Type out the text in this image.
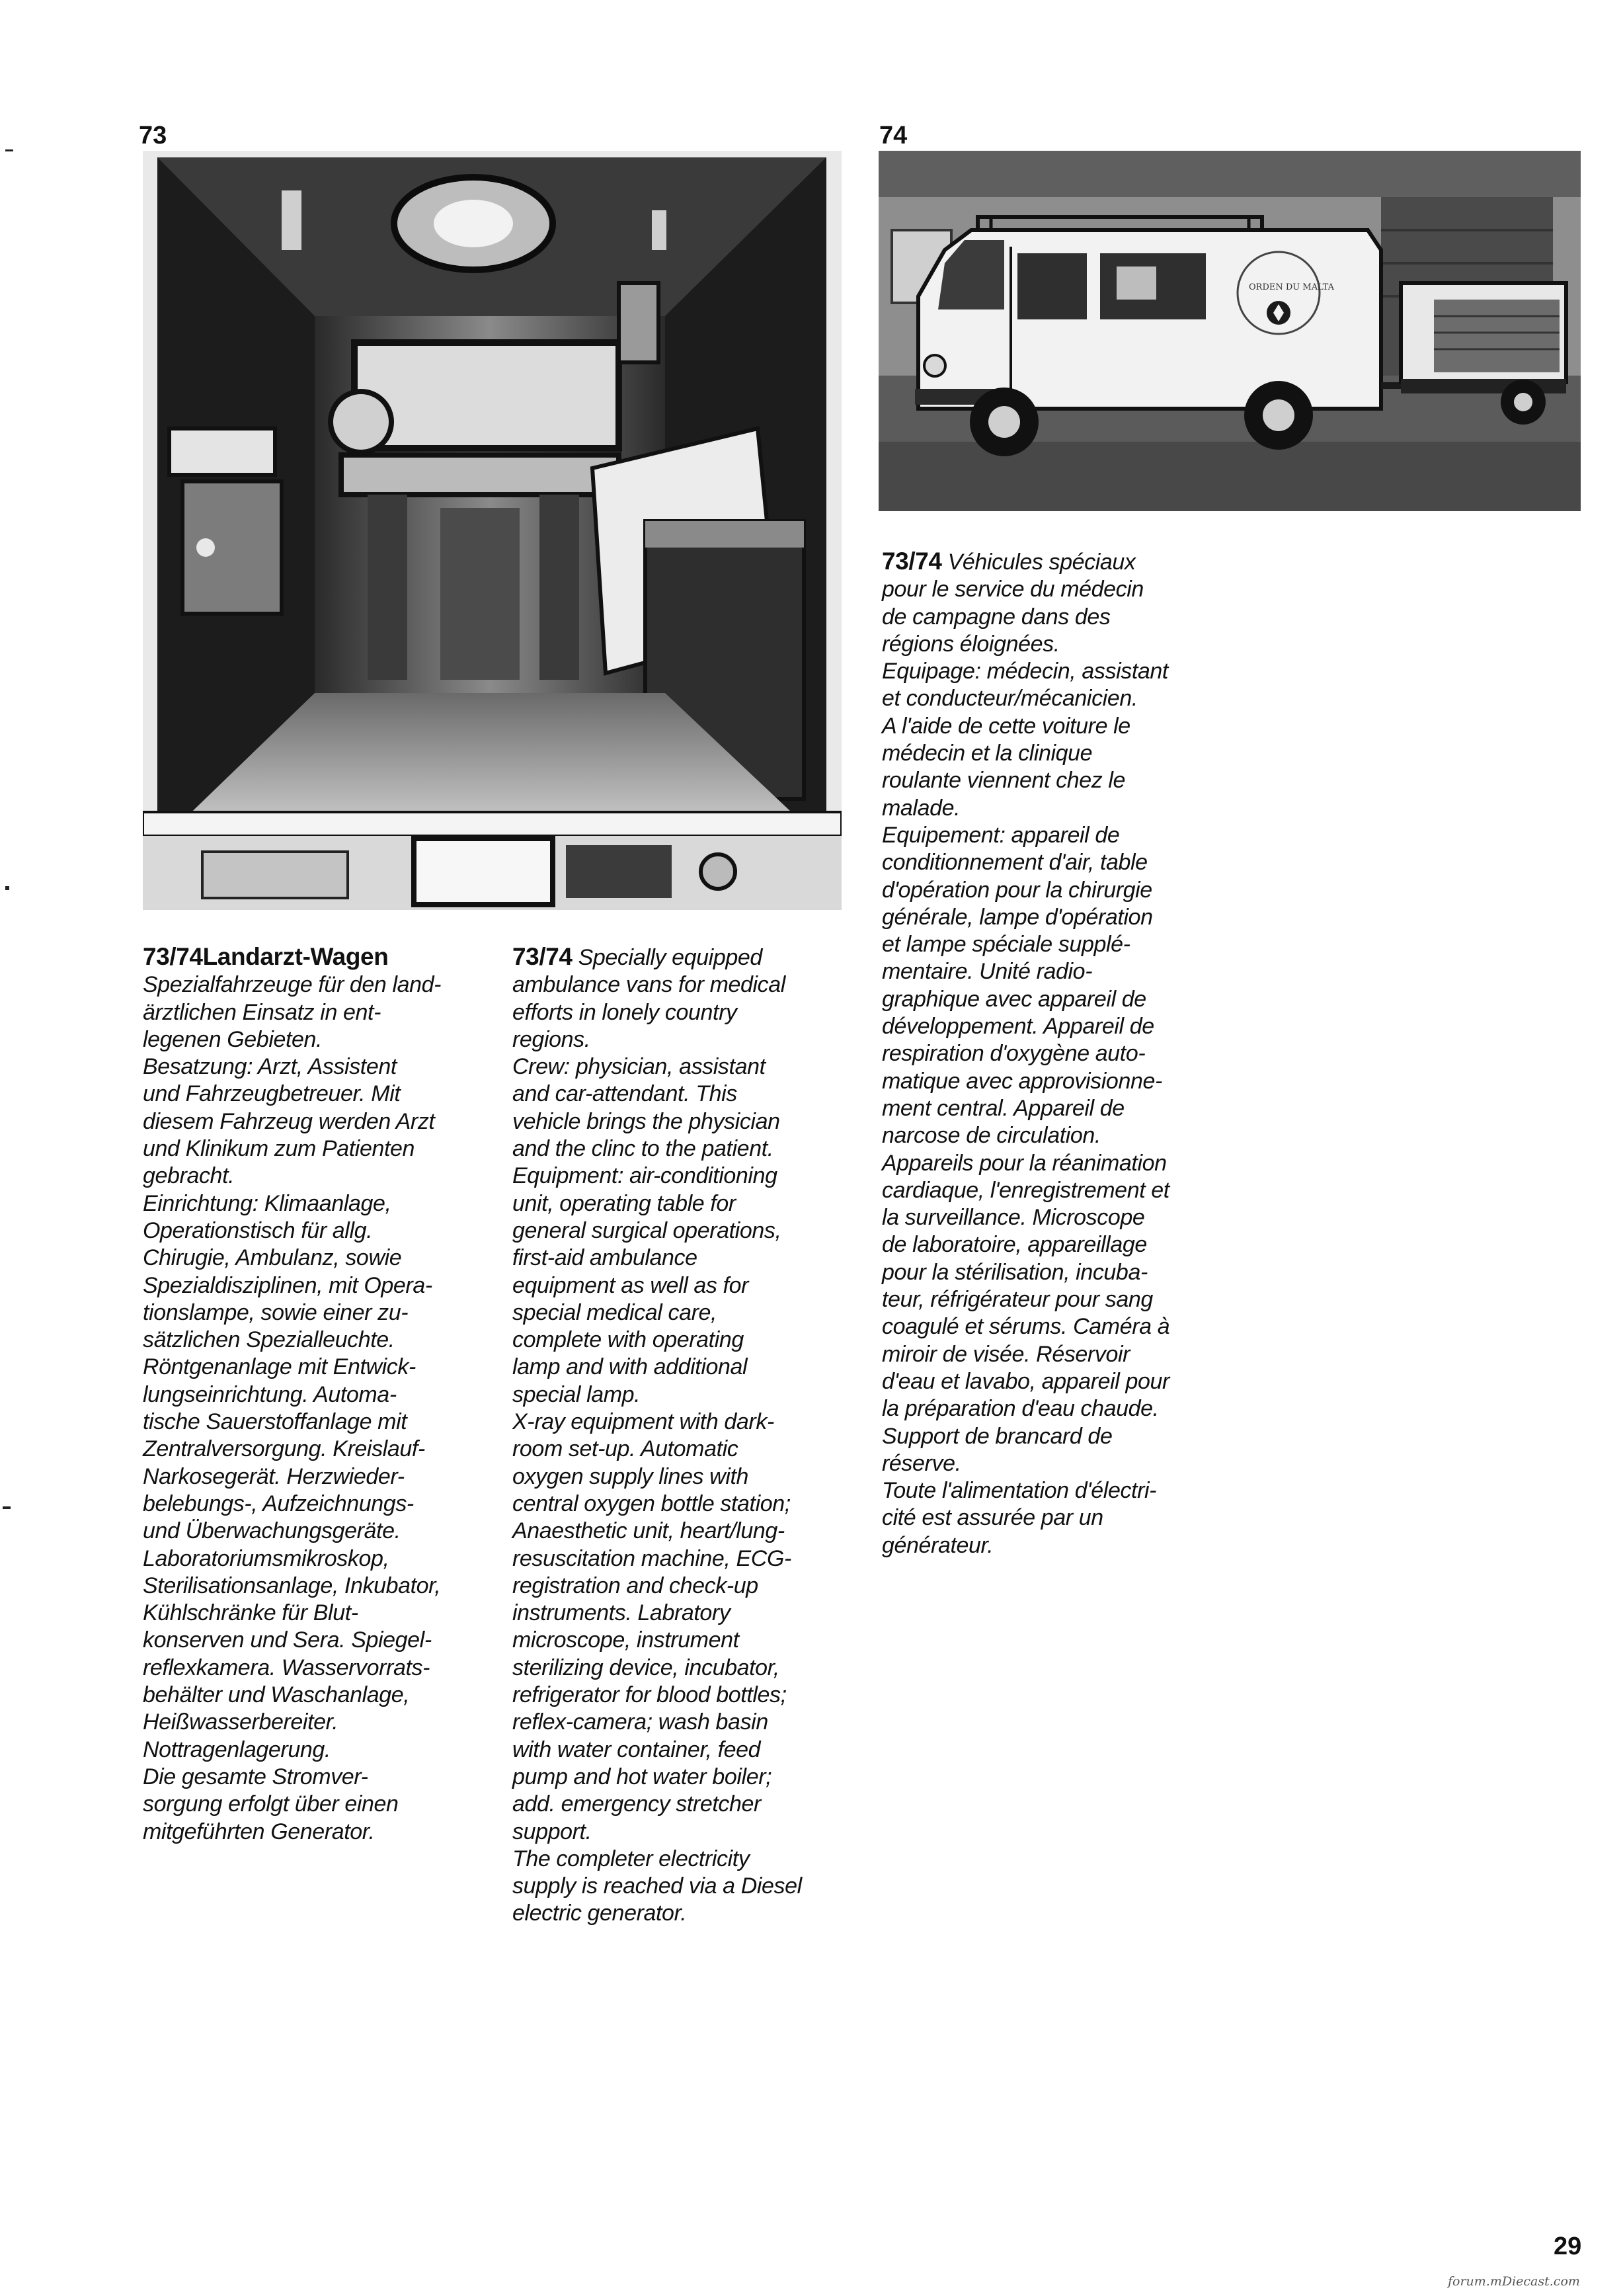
73	74
ORDEN DU MALTA
73/74Landarzt-Wagen
Spezialfahrzeuge für den land-
ärztlichen Einsatz in ent-
legenen Gebieten.
Besatzung: Arzt, Assistent
und Fahrzeugbetreuer. Mit
diesem Fahrzeug werden Arzt
und Klinikum zum Patienten
gebracht.
Einrichtung: Klimaanlage,
Operationstisch für allg.
Chirugie, Ambulanz, sowie
Spezialdisziplinen, mit Opera-
tionslampe, sowie einer zu-
sätzlichen Spezialleuchte.
Röntgenanlage mit Entwick-
lungseinrichtung. Automa-
tische Sauerstoffanlage mit
Zentralversorgung. Kreislauf-
Narkosegerät. Herzwieder-
belebungs-, Aufzeichnungs-
und Überwachungsgeräte.
Laboratoriumsmikroskop,
Sterilisationsanlage, Inkubator,
Kühlschränke für Blut-
konserven und Sera. Spiegel-
reflexkamera. Wasservorrats-
behälter und Waschanlage,
Heißwasserbereiter.
Nottragenlagerung.
Die gesamte Stromver-
sorgung erfolgt über einen
mitgeführten Generator.
73/74 Specially equipped
ambulance vans for medical
efforts in lonely country
regions.
Crew: physician, assistant
and car-attendant. This
vehicle brings the physician
and the clinc to the patient.
Equipment: air-conditioning
unit, operating table for
general surgical operations,
first-aid ambulance
equipment as well as for
special medical care,
complete with operating
lamp and with additional
special lamp.
X-ray equipment with dark-
room set-up. Automatic
oxygen supply lines with
central oxygen bottle station;
Anaesthetic unit, heart/lung-
resuscitation machine, ECG-
registration and check-up
instruments. Labratory
microscope, instrument
sterilizing device, incubator,
refrigerator for blood bottles;
reflex-camera; wash basin
with water container, feed
pump and hot water boiler;
add. emergency stretcher
support.
The completer electricity
supply is reached via a Diesel
electric generator.
73/74 Véhicules spéciaux
pour le service du médecin
de campagne dans des
régions éloignées.
Equipage: médecin, assistant
et conducteur/mécanicien.
A l'aide de cette voiture le
médecin et la clinique
roulante viennent chez le
malade.
Equipement: appareil de
conditionnement d'air, table
d'opération pour la chirurgie
générale, lampe d'opération
et lampe spéciale supplé-
mentaire. Unité radio-
graphique avec appareil de
développement. Appareil de
respiration d'oxygène auto-
matique avec approvisionne-
ment central. Appareil de
narcose de circulation.
Appareils pour la réanimation
cardiaque, l'enregistrement et
la surveillance. Microscope
de laboratoire, appareillage
pour la stérilisation, incuba-
teur, réfrigérateur pour sang
coagulé et sérums. Caméra à
miroir de visée. Réservoir
d'eau et lavabo, appareil pour
la préparation d'eau chaude.
Support de brancard de
réserve.
Toute l'alimentation d'électri-
cité est assurée par un
générateur.
29
forum.mDiecast.com
